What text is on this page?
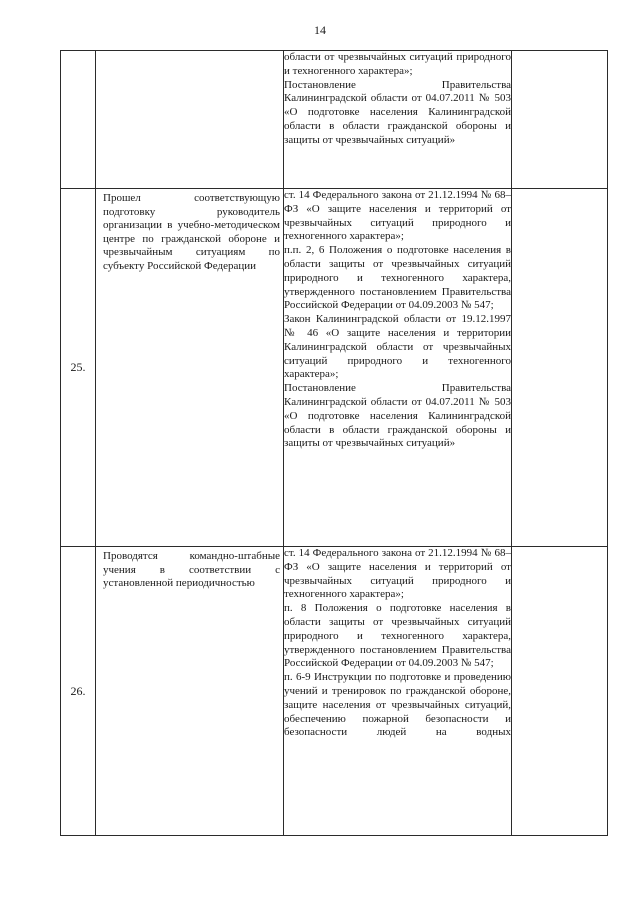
14

		области от чрезвычайных ситуаций природного и техногенного характера»;

Постановление Правительства Калининградской области от 04.07.2011 № 503 «О подготовке населения Калининградской области в области гражданской обороны и защиты от чрезвычайных ситуаций»	

25.	Прошел соответствующую подготовку руководитель организации в учебно-методическом центре по гражданской обороне и чрезвычайным ситуациям по субъекту Российской Федерации	ст. 14 Федерального закона от 21.12.1994 № 68–ФЗ «О защите населения и территорий от чрезвычайных ситуаций природного и техногенного характера»;

п.п. 2, 6 Положения о подготовке населения в области защиты от чрезвычайных ситуаций природного и техногенного характера, утвержденного постановлением Правительства Российской Федерации от 04.09.2003 № 547;

Закон Калининградской области от 19.12.1997 № 46 «О защите населения и территории Калининградской области от чрезвычайных ситуаций природного и техногенного характера»;

Постановление Правительства Калининградской области от 04.07.2011 № 503 «О подготовке населения Калининградской области в области гражданской обороны и защиты от чрезвычайных ситуаций»	

26.	Проводятся командно-штабные учения в соответствии с установленной периодичностью	ст. 14 Федерального закона от 21.12.1994 № 68–ФЗ «О защите населения и территорий от чрезвычайных ситуаций природного и техногенного характера»;

п. 8 Положения о подготовке населения в области защиты от чрезвычайных ситуаций природного и техногенного характера, утвержденного постановлением Правительства Российской Федерации от 04.09.2003 № 547;

п. 6-9 Инструкции по подготовке и проведению учений и тренировок по гражданской обороне, защите населения от чрезвычайных ситуаций, обеспечению пожарной безопасности и безопасности людей на водных	
